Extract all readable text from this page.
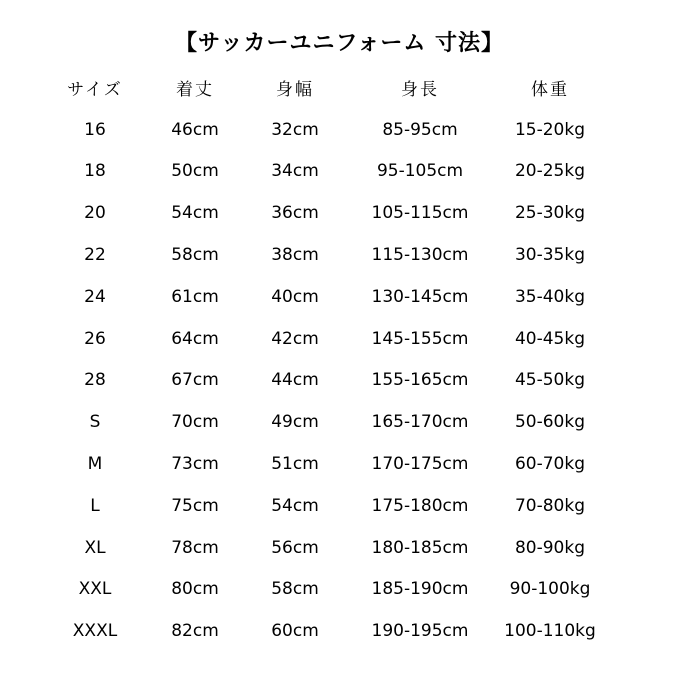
【サッカーユニフォーム 寸法】
サイズ	着丈	身幅	身長	体重
16	46cm	32cm	85-95cm	15-20kg
18	50cm	34cm	95-105cm	20-25kg
20	54cm	36cm	105-115cm	25-30kg
22	58cm	38cm	115-130cm	30-35kg
24	61cm	40cm	130-145cm	35-40kg
26	64cm	42cm	145-155cm	40-45kg
28	67cm	44cm	155-165cm	45-50kg
S	70cm	49cm	165-170cm	50-60kg
M	73cm	51cm	170-175cm	60-70kg
L	75cm	54cm	175-180cm	70-80kg
XL	78cm	56cm	180-185cm	80-90kg
XXL	80cm	58cm	185-190cm	90-100kg
XXXL	82cm	60cm	190-195cm	100-110kg
